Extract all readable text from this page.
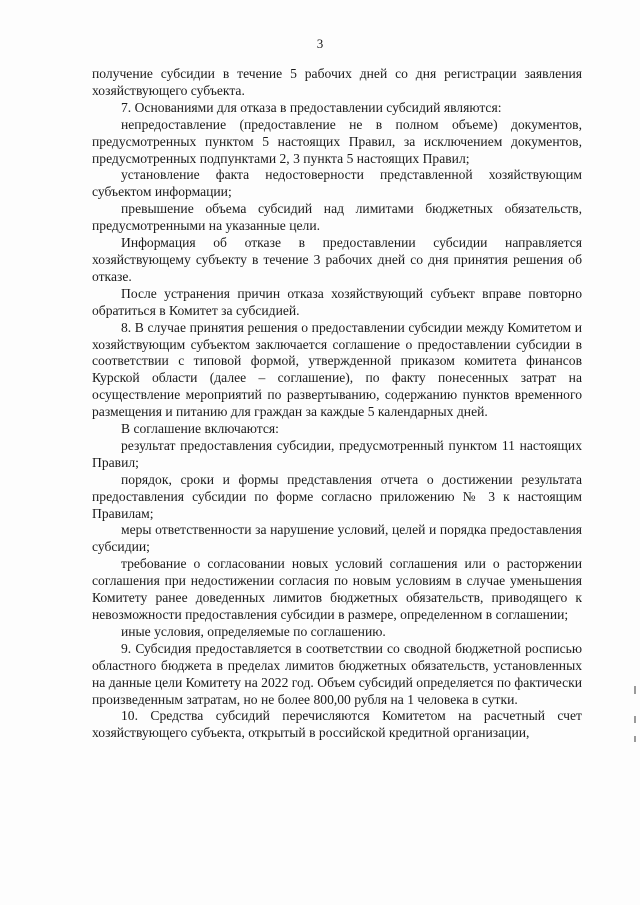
3

получение субсидии в течение 5 рабочих дней со дня регистрации заявления хозяйствующего субъекта.

7. Основаниями для отказа в предоставлении субсидий являются:

непредоставление (предоставление не в полном объеме) документов, предусмотренных пунктом 5 настоящих Правил, за исключением документов, предусмотренных подпунктами 2, 3 пункта 5 настоящих Правил;

установление факта недостоверности представленной хозяйствующим субъектом информации;

превышение объема субсидий над лимитами бюджетных обязательств, предусмотренными на указанные цели.

Информация об отказе в предоставлении субсидии направляется хозяйствующему субъекту в течение 3 рабочих дней со дня принятия решения об отказе.

После устранения причин отказа хозяйствующий субъект вправе повторно обратиться в Комитет за субсидией.

8. В случае принятия решения о предоставлении субсидии между Комитетом и хозяйствующим субъектом заключается соглашение о предоставлении субсидии в соответствии с типовой формой, утвержденной приказом комитета финансов Курской области (далее – соглашение), по факту понесенных затрат на осуществление мероприятий по развертыванию, содержанию пунктов временного размещения и питанию для граждан за каждые 5 календарных дней.

В соглашение включаются:

результат предоставления субсидии, предусмотренный пунктом 11 настоящих Правил;

порядок, сроки и формы представления отчета о достижении результата предоставления субсидии по форме согласно приложению № 3 к настоящим Правилам;

меры ответственности за нарушение условий, целей и порядка предоставления субсидии;

требование о согласовании новых условий соглашения или о расторжении соглашения при недостижении согласия по новым условиям в случае уменьшения Комитету ранее доведенных лимитов бюджетных обязательств, приводящего к невозможности предоставления субсидии в размере, определенном в соглашении;

иные условия, определяемые по соглашению.

9. Субсидия предоставляется в соответствии со сводной бюджетной росписью областного бюджета в пределах лимитов бюджетных обязательств, установленных на данные цели Комитету на 2022 год. Объем субсидий определяется по фактически произведенным затратам, но не более 800,00 рубля на 1 человека в сутки.

10. Средства субсидий перечисляются Комитетом на расчетный счет хозяйствующего субъекта, открытый в российской кредитной организации,
